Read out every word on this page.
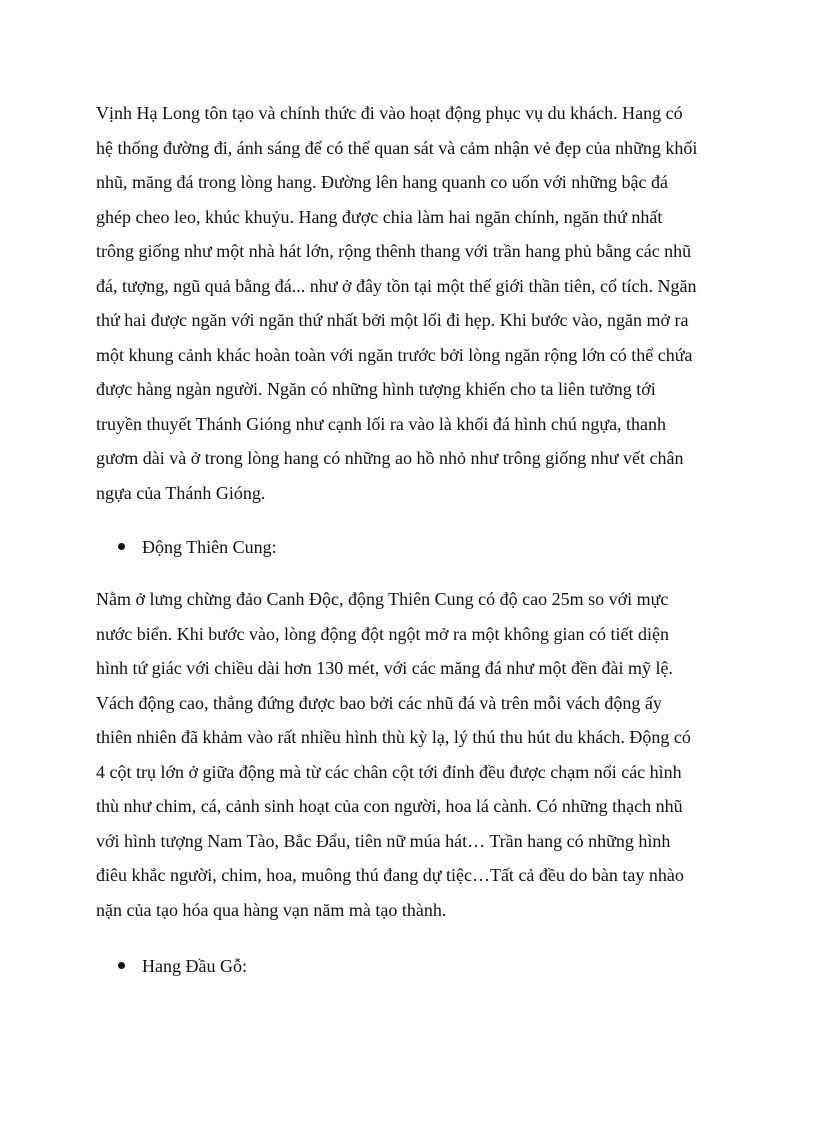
Vịnh Hạ Long tôn tạo và chính thức đi vào hoạt động phục vụ du khách. Hang có
hệ thống đường đi, ánh sáng để có thể quan sát và cảm nhận vẻ đẹp của những khối
nhũ, măng đá trong lòng hang. Đường lên hang quanh co uốn với những bậc đá
ghép cheo leo, khúc khuỷu. Hang được chia làm hai ngăn chính, ngăn thứ nhất
trông giống như một nhà hát lớn, rộng thênh thang với trần hang phủ bằng các nhũ
đá, tượng, ngũ quả bằng đá... như ở đây tồn tại một thế giới thần tiên, cổ tích. Ngăn
thứ hai được ngăn với ngăn thứ nhất bởi một lối đi hẹp. Khi bước vào, ngăn mở ra
một khung cảnh khác hoàn toàn với ngăn trước bởi lòng ngăn rộng lớn có thể chứa
được hàng ngàn người. Ngăn có những hình tượng khiến cho ta liên tưởng tới
truyền thuyết Thánh Gióng như cạnh lối ra vào là khối đá hình chú ngựa, thanh
gươm dài và ở trong lòng hang có những ao hồ nhỏ như trông giống như vết chân
ngựa của Thánh Gióng.
Động Thiên Cung:
Nằm ở lưng chừng đảo Canh Độc, động Thiên Cung có độ cao 25m so với mực
nước biển. Khi bước vào, lòng động đột ngột mở ra một không gian có tiết diện
hình tứ giác với chiều dài hơn 130 mét, với các măng đá như một đền đài mỹ lệ.
Vách động cao, thẳng đứng được bao bởi các nhũ đá và trên mỗi vách động ấy
thiên nhiên đã khảm vào rất nhiều hình thù kỳ lạ, lý thú thu hút du khách. Động có
4 cột trụ lớn ở giữa động mà từ các chân cột tới đỉnh đều được chạm nổi các hình
thù như chim, cá, cảnh sinh hoạt của con người, hoa lá cành. Có những thạch nhũ
với hình tượng Nam Tào, Bắc Đẩu, tiên nữ múa hát… Trần hang có những hình
điêu khắc người, chim, hoa, muông thú đang dự tiệc…Tất cả đều do bàn tay nhào
nặn của tạo hóa qua hàng vạn năm mà tạo thành.
Hang Đầu Gỗ:
